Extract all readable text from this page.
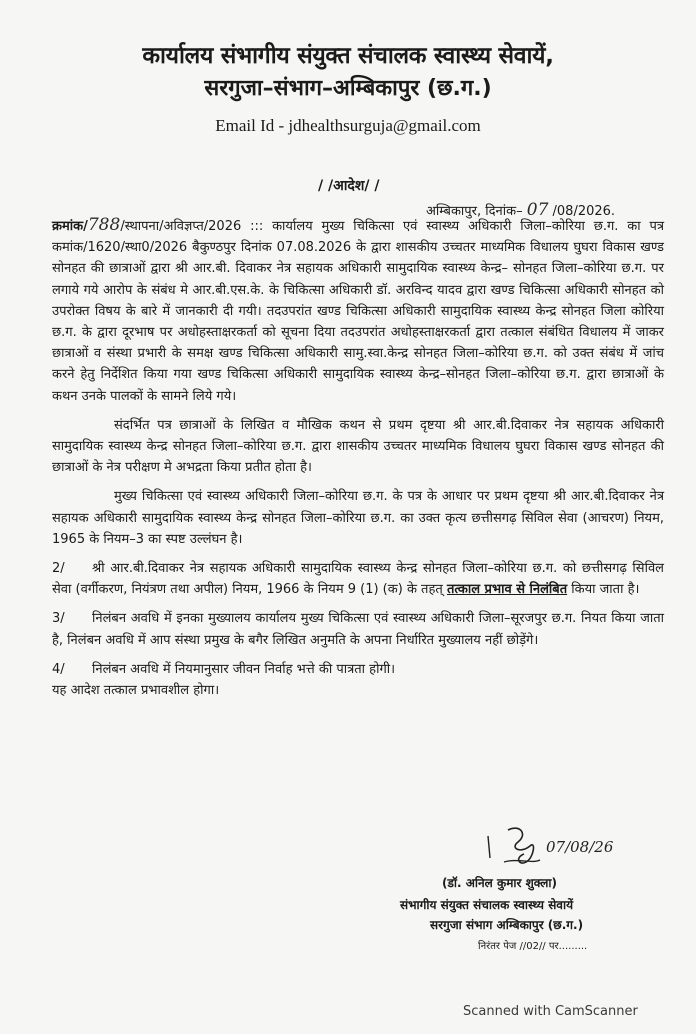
कार्यालय संभागीय संयुक्त संचालक स्वास्थ्य सेवायें,
सरगुजा–संभाग–अम्बिकापुर (छ.ग.)
Email Id - jdhealthsurguja@gmail.com
/ /आदेश/ /
अम्बिकापुर, दिनांक– 07 /08/2026.

क्रमांक/788/स्थापना/अविज्ञप्त/2026 ::: कार्यालय मुख्य चिकित्सा एवं स्वास्थ्य अधिकारी जिला–कोरिया छ.ग. का पत्र कमांक/1620/स्था0/2026 बैकुण्ठपुर दिनांक 07.08.2026 के द्वारा शासकीय उच्चतर माध्यमिक विधालय घुघरा विकास खण्ड सोनहत की छात्राओं द्वारा श्री आर.बी. दिवाकर नेत्र सहायक अधिकारी सामुदायिक स्वास्थ्य केन्द्र– सोनहत जिला–कोरिया छ.ग. पर लगाये गये आरोप के संबंध मे आर.बी.एस.के. के चिकित्सा अधिकारी डॉ. अरविन्द यादव द्वारा खण्ड चिकित्सा अधिकारी सोनहत को उपरोक्त विषय के बारे में जानकारी दी गयी। तदउपरांत खण्ड चिकित्सा अधिकारी सामुदायिक स्वास्थ्य केन्द्र सोनहत जिला कोरिया छ.ग. के द्वारा दूरभाष पर अधोहस्ताक्षरकर्ता को सूचना दिया तदउपरांत अधोहस्ताक्षरकर्ता द्वारा तत्काल संबंधित विधालय में जाकर छात्राओं व संस्था प्रभारी के समक्ष खण्ड चिकित्सा अधिकारी सामु.स्वा.केन्द्र सोनहत जिला–कोरिया छ.ग. को उक्त संबंध में जांच करने हेतु निर्देशित किया गया खण्ड चिकित्सा अधिकारी सामुदायिक स्वास्थ्य केन्द्र–सोनहत जिला–कोरिया छ.ग. द्वारा छात्राओं के कथन उनके पालकों के सामने लिये गये।

संदर्भित पत्र छात्राओं के लिखित व मौखिक कथन से प्रथम दृष्टया श्री आर.बी.दिवाकर नेत्र सहायक अधिकारी सामुदायिक स्वास्थ्य केन्द्र सोनहत जिला–कोरिया छ.ग. द्वारा शासकीय उच्चतर माध्यमिक विधालय घुघरा विकास खण्ड सोनहत की छात्राओं के नेत्र परीक्षण मे अभद्रता किया प्रतीत होता है।

मुख्य चिकित्सा एवं स्वास्थ्य अधिकारी जिला–कोरिया छ.ग. के पत्र के आधार पर प्रथम दृष्टया श्री आर.बी.दिवाकर नेत्र सहायक अधिकारी सामुदायिक स्वास्थ्य केन्द्र सोनहत जिला–कोरिया छ.ग. का उक्त कृत्य छत्तीसगढ़ सिविल सेवा (आचरण) नियम, 1965 के नियम–3 का स्पष्ट उल्लंघन है।

2/ श्री आर.बी.दिवाकर नेत्र सहायक अधिकारी सामुदायिक स्वास्थ्य केन्द्र सोनहत जिला–कोरिया छ.ग. को छत्तीसगढ़ सिविल सेवा (वर्गीकरण, नियंत्रण तथा अपील) नियम, 1966 के नियम 9 (1) (क) के तहत् तत्काल प्रभाव से निलंबित किया जाता है।

3/ निलंबन अवधि में इनका मुख्यालय कार्यालय मुख्य चिकित्सा एवं स्वास्थ्य अधिकारी जिला–सूरजपुर छ.ग. नियत किया जाता है, निलंबन अवधि में आप संस्था प्रमुख के बगैर लिखित अनुमति के अपना निर्धारित मुख्यालय नहीं छोड़ेंगे।

4/ निलंबन अवधि में नियमानुसार जीवन निर्वाह भत्ते की पात्रता होगी।

यह आदेश तत्काल प्रभावशील होगा।

07/08/26
(डॉ. अनिल कुमार शुक्ला)
संभागीय संयुक्त संचालक स्वास्थ्य सेवायें
सरगुजा संभाग अम्बिकापुर (छ.ग.)
निरंतर पेज //02// पर.........
Scanned with CamScanner
